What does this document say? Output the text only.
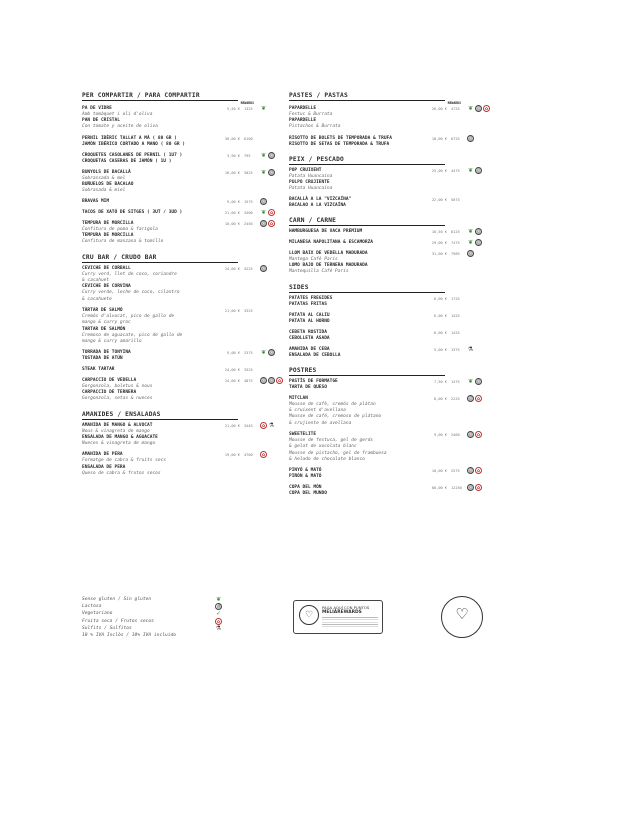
PER COMPARTIR / PARA COMPARTIR
REWARDS
PA DE VIDRE
Amb tomàquet i oli d'oliva
PAN DE CRISTAL
Con tomate y aceite de oliva
5,50 € 1325	❦
PERNIL IBÈRIC TALLAT A MÀ ( 80 GR )
JAMÓN IBÉRICO CORTADO A MANO ( 80 GR )
30,00 € 6100
CROQUETES CASOLANES DE PERNIL ( 1U7 )
CROQUETAS CASERAS DE JAMÓN ( 1U )
3,90 € 795	❦ Ⓖ
BUNYOLS DE BACALLÀ
Sobrassada & mel
BUÑUELOS DE BACALAO
Sobrasada & miel
16,00 € 3025	❦ Ⓖ
BRAVAS MIM	9,00 € 1575	Ⓖ
TACOS DE XATÓ DE SITGES ( 3UT / 3UD )	21,00 € 3400	❦ ✿
TEMPURA DE MORCILLA
Confitura de poma & farigola
TEMPURA DE MORCILLA
Confitura de manzana & tomillo
10,00 € 2450	Ⓖ	✿
CRU BAR / CRUDO BAR
CEVICHE DE CORBALL
Curry verd, llet de coco, coriandre
& cacahuet
CEVICHE DE CORVINA
Curry verde, leche de coco, cilantro
& cacahuete
24,00 € 4225	Ⓖ
TÀRTAR DE SALMÓ
Cremós d'alvocat, pico de gallo de
mango & curry groc
TARTAR DE SALMÓN
Cremoso de aguacate, pico de gallo de
mango & curry amarillo
21,00 € 3325
TORRADA DE TONYINA
TOSTADA DE ATÚN
9,00 € 2375	❦ Ⓖ
STEAK TARTAR	24,00 € 3325
CARPACCIO DE VEDELLA
Gorgonzola, boletus & nous
CARPACCIO DE TERNERA
Gorgonzola, setas & nueces
24,00 € 4875	Ⓖ	Ⓖ	✿
AMANIDES / ENSALADAS
AMANIDA DE MANGO & ALVOCAT
Nous & vinagreta de mango
ENSALADA DE MANGO & AGUACATE
Nueces & vinagreta de mango
21,00 € 3445	✿ ⚗
AMANIDA DE PERA
Formatge de cabra & fruits secs
ENSALADA DE PERA
Queso de cabra & frutos secos
19,00 € 4700	✿
PASTES / PASTAS
REWARDS
PAPARDELLE
Festuc & Burrata
PAPARDELLE
Pistachos & Burrata
26,00 € 4725	❦ Ⓖ	✿
RISOTTO DE BOLETS DE TEMPORADA & TRUFA
RISOTTO DE SETAS DE TEMPORADA & TRUFA
18,00 € 6725	Ⓖ
PEIX / PESCADO
POP CRUIXENT
Patata Huancaína
PULPO CRUJIENTE
Patata Huancaína
25,00 € 4475	❦ Ⓖ
BACALLÀ A LA "VIZCAÍNA"
BACALAO A LA VIZCAÍNA
22,00 € 5075
CARN / CARNE
HAMBURGUESA DE VACA PREMIUM	16,50 € 8125	❦ Ⓖ
MILANESA NAPOLITANA & ESCAMORZA	29,00 € 7475	❦ Ⓖ
LLOM BAIX DE VEDELLA MADURADA
Mantega Café Paris
LOMO BAJO DE TERNERA MADURADA
Mantequilla Café París
31,00 € 7985	Ⓖ
SIDES
PATATES FREGIDES
PATATAS FRITAS
6,00 € 1725
PATATA AL CALIU
PATATA AL HORNO
6,00 € 1425
CEBETA ROSTIDA
CEBOLLETA ASADA
6,00 € 1425
AMANIDA DE CEBA
ENSALADA DE CEBOLLA
5,00 € 1375	⚗
POSTRES
PASTÍS DE FORMATGE
TARTA DE QUESO
7,50 € 1475	❦ Ⓖ
MITCLAN
Mousse de cafè, cremós de plàtan
& cruixent d'avellana
Mousse de café, cremoso de plátano
& crujiente de avellana
8,00 € 2225	Ⓖ	✿
SWEETELITE
Mousse de festuca, gel de gerds
& gelat de xocolata blanc
Mousse de pistacho, gel de frambuesa
& helado de chocolate blanco
9,00 € 2460	Ⓖ	✿
PINYÓ & MATÓ
PIÑÓN & MATÓ
10,00 € 2575	Ⓖ	✿
COPA DEL MÓN
COPA DEL MUNDO
68,00 € 12250	Ⓖ	✿
Sense gluten / Sin gluten	❦
Lactosa	Ⓖ
Vegetariano	✓
Fruita seca / Frutos secos	✿
Sulfits / Sulfitos	⚗
10 % IVA Inclòs / 10% IVA incluido
♡
PAGA AQUÍ CON PUNTOS
MELIÁREWARDS	♡
